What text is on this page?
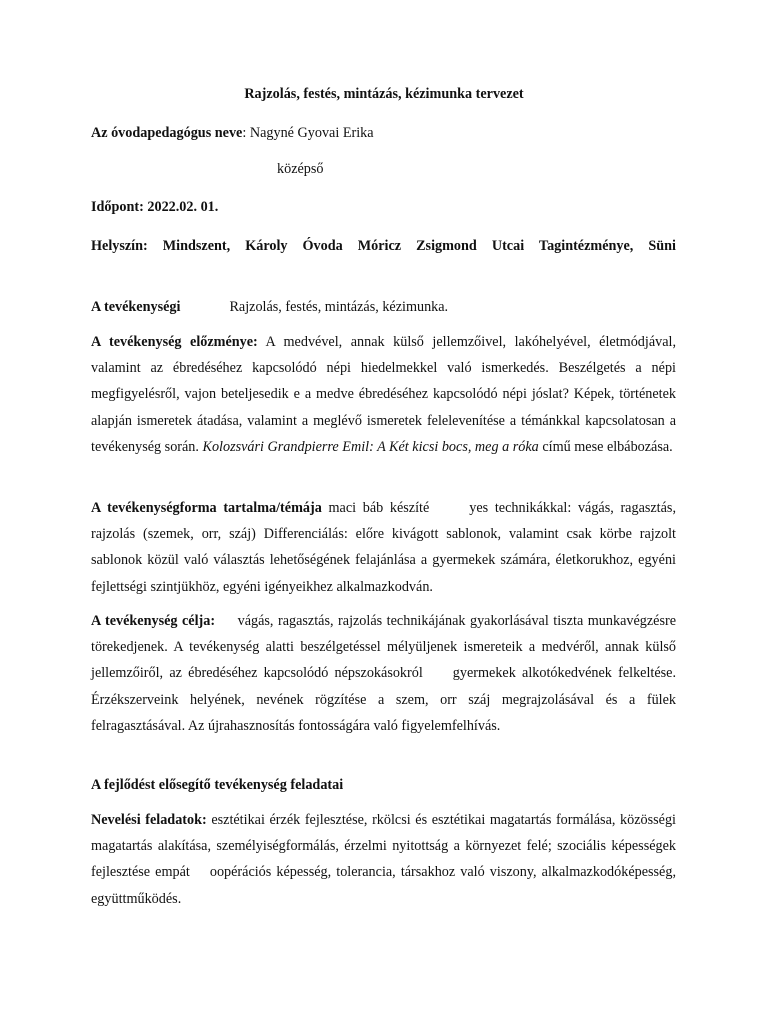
Rajzolás, festés, mintázás, kézimunka tervezet
Az óvodapedagógus neve: Nagyné Gyovai Erika
középső
Időpont: 2022.02. 01.
Helyszín: Mindszent, Károly Óvoda Móricz Zsigmond Utcai Tagintézménye, Süni
A tevékenységi	Rajzolás, festés, mintázás, kézimunka.
A tevékenység előzménye: A medvével, annak külső jellemzőivel, lakóhelyével, életmódjával, valamint az ébredéséhez kapcsolódó népi hiedelmekkel való ismerkedés. Beszélgetés a népi megfigyelésről, vajon beteljesedik e a medve ébredéséhez kapcsolódó népi jóslat? Képek, történetek alapján ismeretek átadása, valamint a meglévő ismeretek felelevenítése a témánkkal kapcsolatosan a tevékenység során. Kolozsvári Grandpierre Emil: A Két kicsi bocs, meg a róka című mese elbábozása.
A tevékenységforma tartalma/témája maci báb készíté	yes technikákkal: vágás, ragasztás, rajzolás (szemek, orr, száj) Differenciálás: előre kivágott sablonok, valamint csak körbe rajzolt sablonok közül való választás lehetőségének felajánlása a gyermekek számára, életkorukhoz, egyéni fejlettségi szintjükhöz, egyéni igényeikhez alkalmazkodván.
A tevékenység célja: vágás, ragasztás, rajzolás technikájának gyakorlásával tiszta munkavégzésre törekedjenek. A tevékenység alatti beszélgetéssel mélyüljenek ismereteik a medvéről, annak külső jellemzőiről, az ébredéséhez kapcsolódó népszokásokról gyermekek alkotókedvének felkeltése. Érzékszerveink helyének, nevének rögzítése a szem, orr száj megrajzolásával és a fülek felragasztásával. Az újrahasznosítás fontosságára való figyelemfelhívás.
A fejlődést elősegítő tevékenység feladatai
Nevelési feladatok: esztétikai érzék fejlesztése, rkölcsi és esztétikai magatartás formálása, közösségi magatartás alakítása, személyiségformálás, érzelmi nyitottság a környezet felé; szociális képességek fejlesztése empát oopérációs képesség, tolerancia, társakhoz való viszony, alkalmazkodóképesség, együttműködés.
